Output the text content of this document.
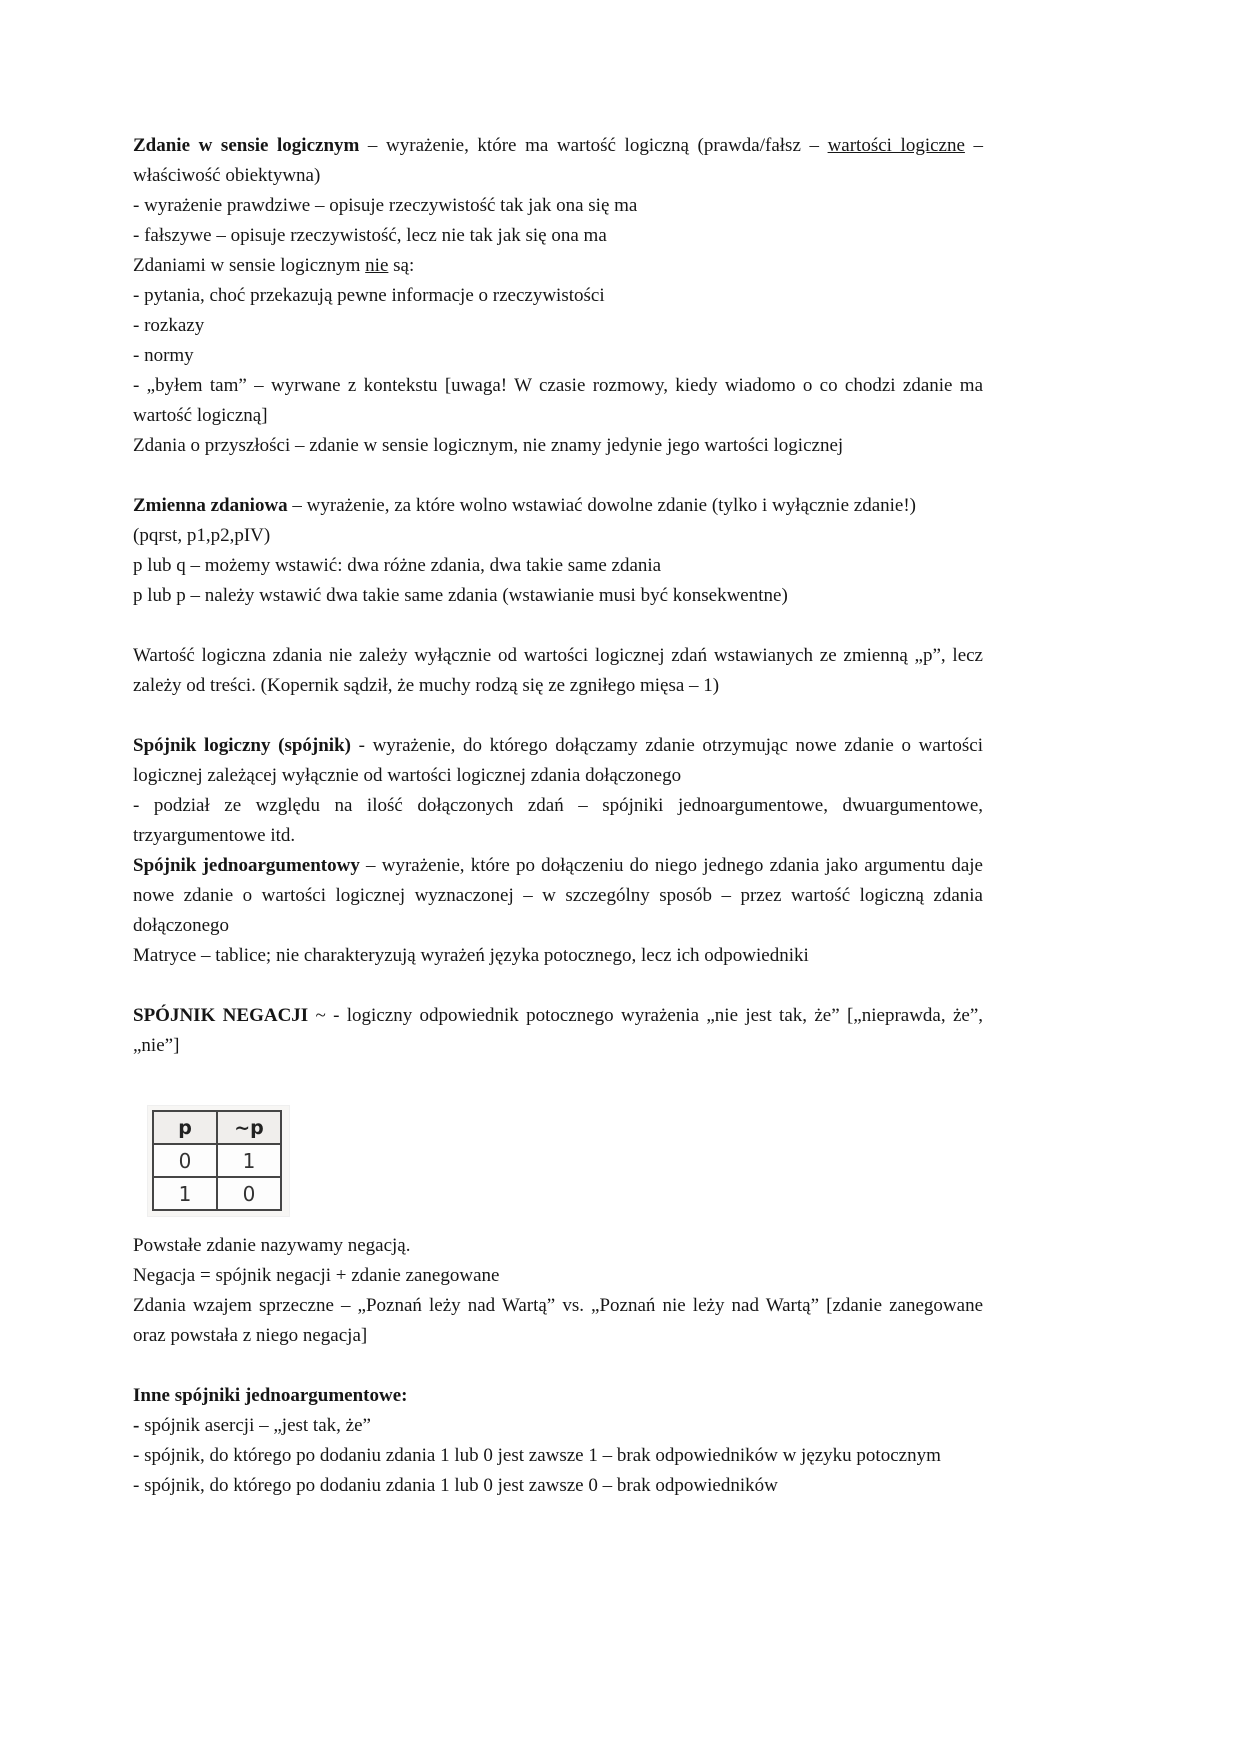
Zdanie w sensie logicznym – wyrażenie, które ma wartość logiczną (prawda/fałsz – wartości logiczne – właściwość obiektywna)

- wyrażenie prawdziwe – opisuje rzeczywistość tak jak ona się ma

- fałszywe – opisuje rzeczywistość, lecz nie tak jak się ona ma

Zdaniami w sensie logicznym nie są:

- pytania, choć przekazują pewne informacje o rzeczywistości

- rozkazy

- normy

- „byłem tam” – wyrwane z kontekstu [uwaga! W czasie rozmowy, kiedy wiadomo o co chodzi zdanie ma wartość logiczną]

Zdania o przyszłości – zdanie w sensie logicznym, nie znamy jedynie jego wartości logicznej

Zmienna zdaniowa – wyrażenie, za które wolno wstawiać dowolne zdanie (tylko i wyłącznie zdanie!)

(pqrst, p1,p2,pIV)

p lub q – możemy wstawić: dwa różne zdania, dwa takie same zdania

p lub p – należy wstawić dwa takie same zdania (wstawianie musi być konsekwentne)

Wartość logiczna zdania nie zależy wyłącznie od wartości logicznej zdań wstawianych ze zmienną „p”, lecz zależy od treści. (Kopernik sądził, że muchy rodzą się ze zgniłego mięsa – 1)

Spójnik logiczny (spójnik) - wyrażenie, do którego dołączamy zdanie otrzymując nowe zdanie o wartości logicznej zależącej wyłącznie od wartości logicznej zdania dołączonego

- podział ze względu na ilość dołączonych zdań – spójniki jednoargumentowe, dwuargumentowe, trzyargumentowe itd.

Spójnik jednoargumentowy – wyrażenie, które po dołączeniu do niego jednego zdania jako argumentu daje nowe zdanie o wartości logicznej wyznaczonej – w szczególny sposób – przez wartość logiczną zdania dołączonego

Matryce – tablice; nie charakteryzują wyrażeń języka potocznego, lecz ich odpowiedniki

SPÓJNIK NEGACJI ~ - logiczny odpowiednik potocznego wyrażenia „nie jest tak, że” [„nieprawda, że”, „nie”]

p	~p
0	1
1	0

Powstałe zdanie nazywamy negacją.

Negacja = spójnik negacji + zdanie zanegowane

Zdania wzajem sprzeczne – „Poznań leży nad Wartą” vs. „Poznań nie leży nad Wartą” [zdanie zanegowane oraz powstała z niego negacja]

Inne spójniki jednoargumentowe:

- spójnik asercji – „jest tak, że”

- spójnik, do którego po dodaniu zdania 1 lub 0 jest zawsze 1 – brak odpowiedników w języku potocznym

- spójnik, do którego po dodaniu zdania 1 lub 0 jest zawsze 0 – brak odpowiedników
